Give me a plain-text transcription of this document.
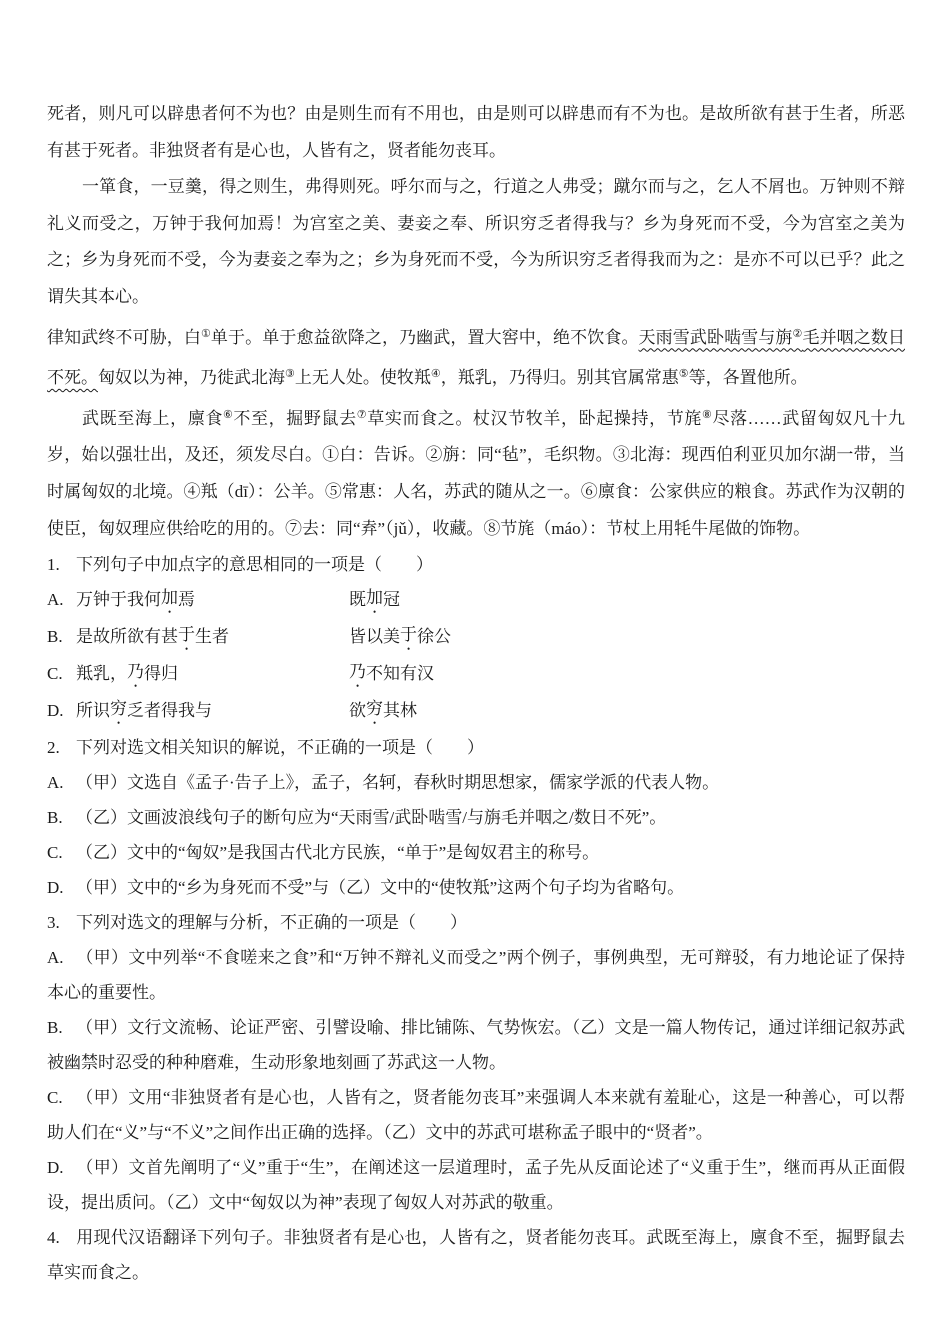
死者，则凡可以辟患者何不为也？由是则生而有不用也，由是则可以辟患而有不为也。是故所欲有甚于生者，所恶有甚于死者。非独贤者有是心也，人皆有之，贤者能勿丧耳。

一箪食，一豆羹，得之则生，弗得则死。呼尔而与之，行道之人弗受；蹴尔而与之，乞人不屑也。万钟则不辩礼义而受之，万钟于我何加焉！为宫室之美、妻妾之奉、所识穷乏者得我与？乡为身死而不受，今为宫室之美为之；乡为身死而不受，今为妻妾之奉为之；乡为身死而不受，今为所识穷乏者得我而为之：是亦不可以已乎？此之谓失其本心。

律知武终不可胁，白①单于。单于愈益欲降之，乃幽武，置大窖中，绝不饮食。天雨雪武卧啮雪与旃②毛并咽之数日不死。匈奴以为神，乃徙武北海③上无人处。使牧羝④，羝乳，乃得归。别其官属常惠⑤等，各置他所。

武既至海上，廪食⑥不至，掘野鼠去⑦草实而食之。杖汉节牧羊，卧起操持，节旄⑧尽落……武留匈奴凡十九岁，始以强壮出，及还，须发尽白。①白：告诉。②旃：同“毡”，毛织物。③北海：现西伯利亚贝加尔湖一带，当时属匈奴的北境。④羝（dī）：公羊。⑤常惠：人名，苏武的随从之一。⑥廪食：公家供应的粮食。苏武作为汉朝的使臣，匈奴理应供给吃的用的。⑦去：同“弆”（jǔ），收藏。⑧节旄（máo）：节杖上用牦牛尾做的饰物。

1. 下列句子中加点字的意思相同的一项是（　　）

A. 万钟于我何加焉	既加冠

B. 是故所欲有甚于生者	皆以美于徐公

C. 羝乳，乃得归	乃不知有汉

D. 所识穷乏者得我与	欲穷其林

2. 下列对选文相关知识的解说，不正确的一项是（　　）

A. （甲）文选自《孟子·告子上》，孟子，名轲，春秋时期思想家，儒家学派的代表人物。

B. （乙）文画波浪线句子的断句应为“天雨雪/武卧啮雪/与旃毛并咽之/数日不死”。

C. （乙）文中的“匈奴”是我国古代北方民族，“单于”是匈奴君主的称号。

D. （甲）文中的“乡为身死而不受”与（乙）文中的“使牧羝”这两个句子均为省略句。

3. 下列对选文的理解与分析，不正确的一项是（　　）

A. （甲）文中列举“不食嗟来之食”和“万钟不辩礼义而受之”两个例子，事例典型，无可辩驳，有力地论证了保持本心的重要性。

B. （甲）文行文流畅、论证严密、引譬设喻、排比铺陈、气势恢宏。（乙）文是一篇人物传记，通过详细记叙苏武被幽禁时忍受的种种磨难，生动形象地刻画了苏武这一人物。

C. （甲）文用“非独贤者有是心也，人皆有之，贤者能勿丧耳”来强调人本来就有羞耻心，这是一种善心，可以帮助人们在“义”与“不义”之间作出正确的选择。（乙）文中的苏武可堪称孟子眼中的“贤者”。

D. （甲）文首先阐明了“义”重于“生”，在阐述这一层道理时，孟子先从反面论述了“义重于生”，继而再从正面假设，提出质问。（乙）文中“匈奴以为神”表现了匈奴人对苏武的敬重。

4. 用现代汉语翻译下列句子。非独贤者有是心也，人皆有之，贤者能勿丧耳。武既至海上，廪食不至，掘野鼠去草实而食之。
